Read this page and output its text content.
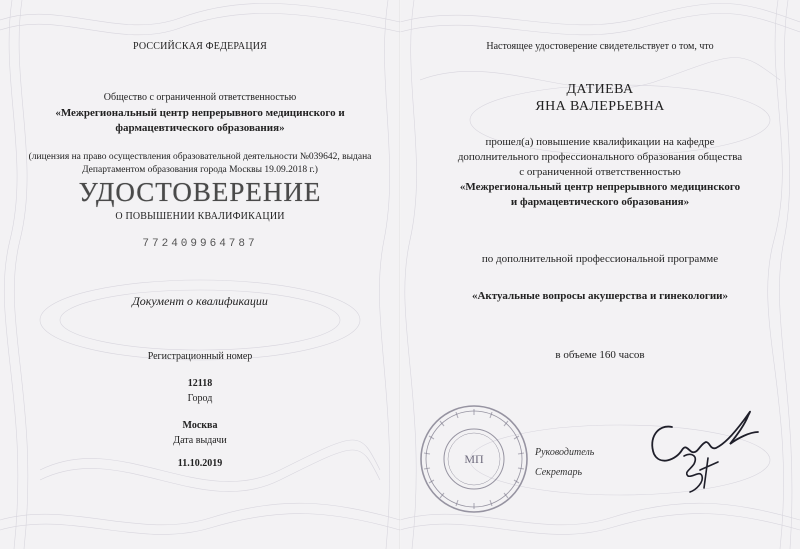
РОССИЙСКАЯ ФЕДЕРАЦИЯ
Общество с ограниченной ответственностью
«Межрегиональный центр непрерывного медицинского и
фармацевтического образования»
(лицензия на право осуществления образовательной деятельности №039642, выдана
Департаментом образования города Москвы 19.09.2018 г.)
УДОСТОВЕРЕНИЕ
О ПОВЫШЕНИИ КВАЛИФИКАЦИИ
772409964787
Документ о квалификации
Регистрационный номер
12118
Город
Москва
Дата выдачи
11.10.2019
Настоящее удостоверение свидетельствует о том, что
ДАТИЕВА
ЯНА ВАЛЕРЬЕВНА
прошел(а) повышение квалификации на кафедре
дополнительного профессионального образования общества
с ограниченной ответственностью
«Межрегиональный центр непрерывного медицинского
и фармацевтического образования»
по дополнительной профессиональной программе
«Актуальные вопросы акушерства и гинекологии»
в объеме 160 часов
МП	Руководитель
Секретарь
